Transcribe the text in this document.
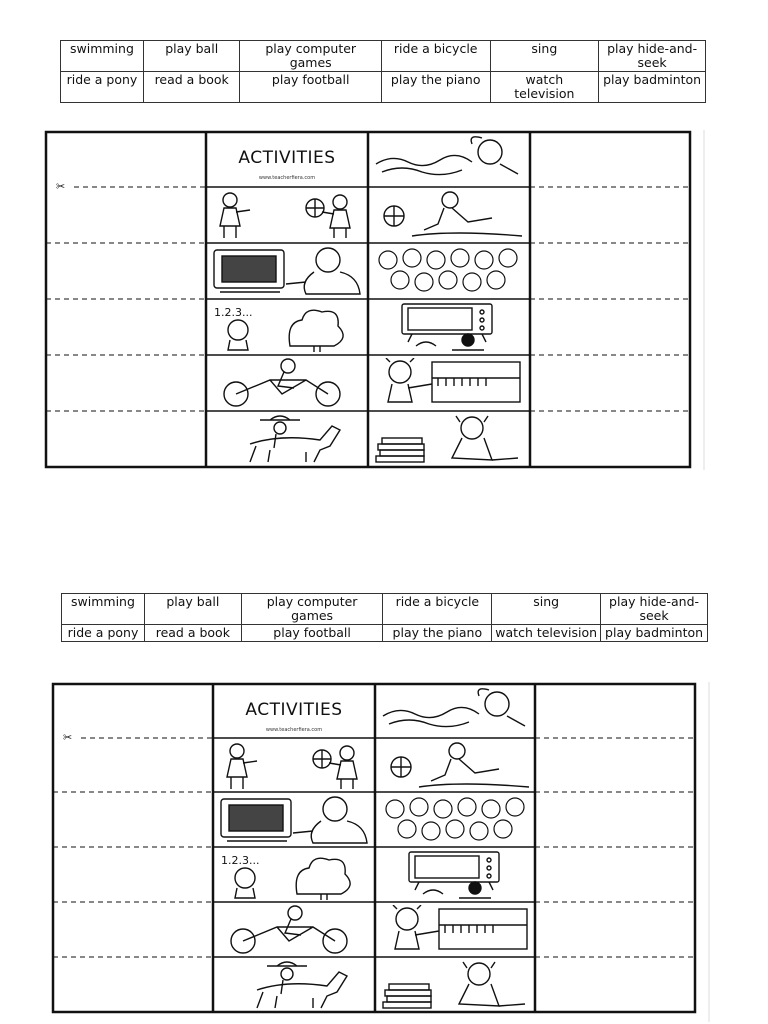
swimming	play ball	play computer games	ride a bicycle	sing	play hide-and-seek
ride a pony	read a book	play football	play the piano	watch television	play badminton
✂
ACTIVITIES
www.teacherfiera.com
1.2.3...
swimming	play ball	play computer games	ride a bicycle	sing	play hide-and-seek
ride a pony	read a book	play football	play the piano	watch television	play badminton
✂
ACTIVITIES
www.teacherfiera.com
1.2.3...
